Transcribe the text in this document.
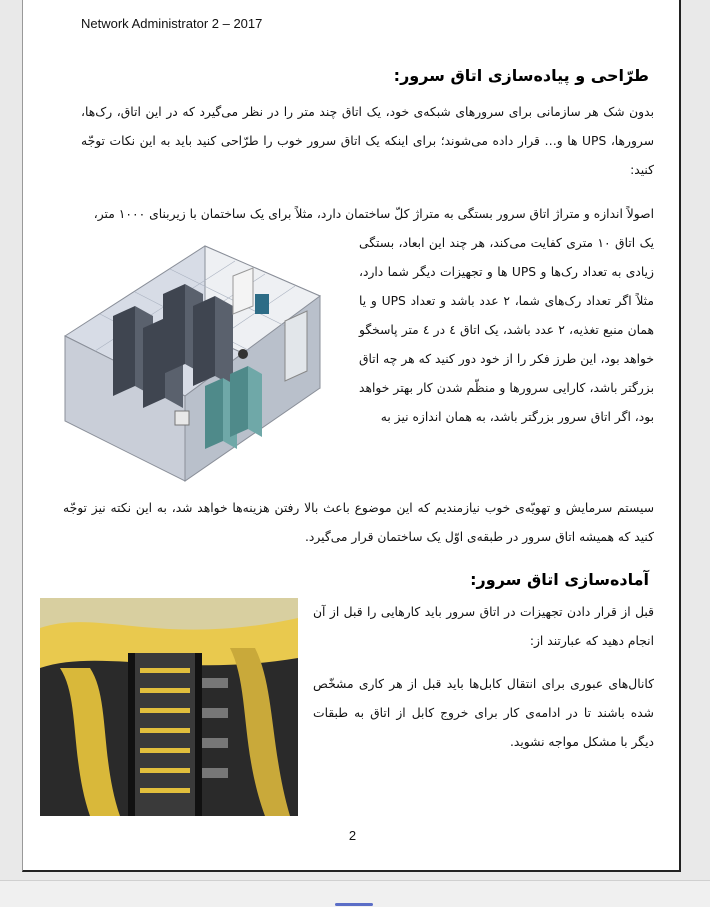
Network Administrator 2 – 2017
طرّاحی و پیاده‌سازی اتاق سرور:
بدون شک هر سازمانی برای سرورهای شبکه‌ی خود، یک اتاق چند متر را در نظر می‌گیرد که در این اتاق، رک‌ها، سرورها، UPS ها و… قرار داده می‌شوند؛ برای اینکه یک اتاق سرور خوب را طرّاحی کنید باید به این نکات توجّه کنید:
اصولاً اندازه و متراژ اتاق سرور بستگی به متراژ کلّ ساختمان دارد، مثلاً برای یک ساختمان با زیربنای ۱۰۰۰ متر،
یک اتاق ۱۰ متری کفایت می‌کند، هر چند این ابعاد، بستگی زیادی به تعداد رک‌ها و UPS ها و تجهیزات دیگر شما دارد، مثلاً اگر تعداد رک‌های شما، ۲ عدد باشد و تعداد UPS و یا همان منبع تغذیه، ۲ عدد باشد، یک اتاق ٤ در ٤ متر پاسخگو خواهد بود، این طرز فکر را از خود دور کنید که هر چه اتاق بزرگتر باشد، کارایی سرورها و منظّم شدن کار بهتر خواهد بود، اگر اتاق سرور بزرگتر باشد، به همان اندازه نیز به
سیستم سرمایش و تهویّه‌ی خوب نیازمندیم که این موضوع باعث بالا رفتن هزینه‌ها خواهد شد، به این نکته نیز توجّه کنید که همیشه اتاق سرور در طبقه‌ی اوّل یک ساختمان قرار می‌گیرد.
آماده‌سازی اتاق سرور:
قبل از قرار دادن تجهیزات در اتاق سرور باید کارهایی را قبل از آن انجام دهید که عبارتند از:
کانال‌های عبوری برای انتقال کابل‌ها باید قبل از هر کاری مشخّص شده باشند تا در ادامه‌ی کار برای خروج کابل از اتاق به طبقات دیگر با مشکل مواجه نشوید.
2
